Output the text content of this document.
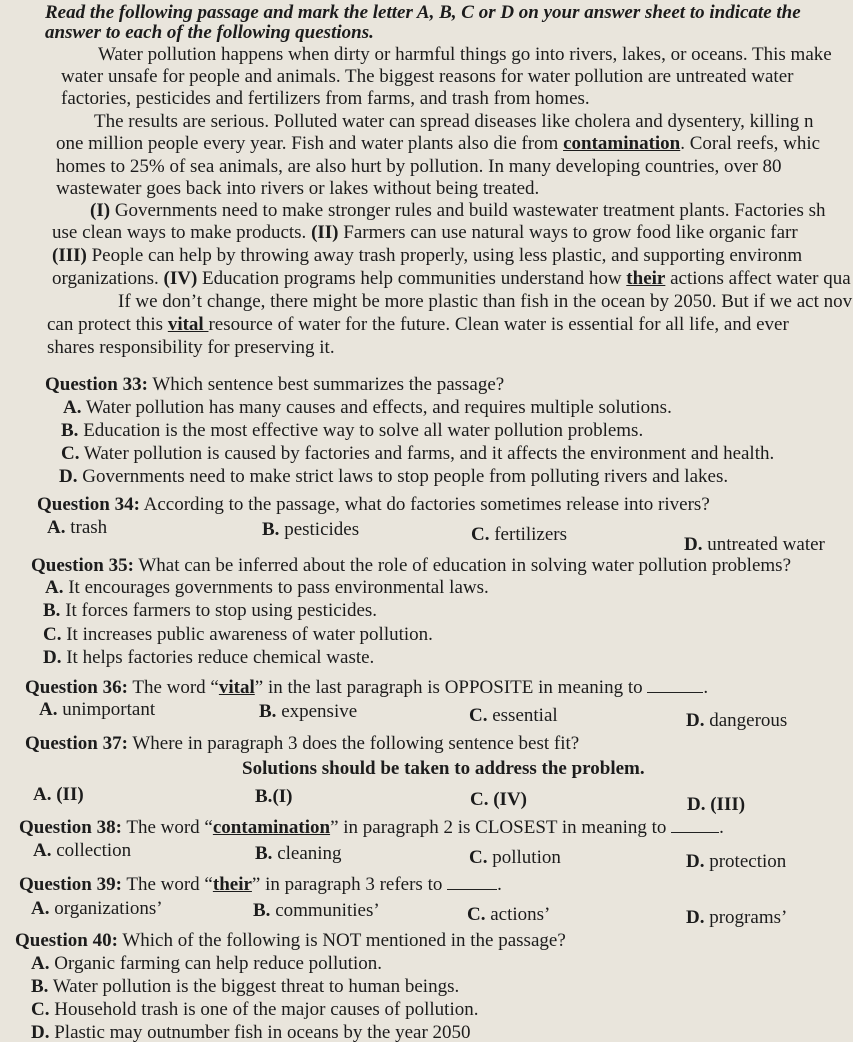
Read the following passage and mark the letter A, B, C or D on your answer sheet to indicate the
answer to each of the following questions.
Water pollution happens when dirty or harmful things go into rivers, lakes, or oceans. This make
water unsafe for people and animals. The biggest reasons for water pollution are untreated water
factories, pesticides and fertilizers from farms, and trash from homes.
The results are serious. Polluted water can spread diseases like cholera and dysentery, killing n
one million people every year. Fish and water plants also die from contamination. Coral reefs, whic
homes to 25% of sea animals, are also hurt by pollution. In many developing countries, over 80
wastewater goes back into rivers or lakes without being treated.
(I) Governments need to make stronger rules and build wastewater treatment plants. Factories sh
use clean ways to make products. (II) Farmers can use natural ways to grow food like organic farr
(III) People can help by throwing away trash properly, using less plastic, and supporting environm
organizations. (IV) Education programs help communities understand how their actions affect water qua
If we don’t change, there might be more plastic than fish in the ocean by 2050. But if we act nov
can protect this vital resource of water for the future. Clean water is essential for all life, and ever
shares responsibility for preserving it.
Question 33: Which sentence best summarizes the passage?
A. Water pollution has many causes and effects, and requires multiple solutions.
B. Education is the most effective way to solve all water pollution problems.
C. Water pollution is caused by factories and farms, and it affects the environment and health.
D. Governments need to make strict laws to stop people from polluting rivers and lakes.
Question 34: According to the passage, what do factories sometimes release into rivers?
A. trash	B. pesticides	C. fertilizers	D. untreated water
Question 35: What can be inferred about the role of education in solving water pollution problems?
A. It encourages governments to pass environmental laws.
B. It forces farmers to stop using pesticides.
C. It increases public awareness of water pollution.
D. It helps factories reduce chemical waste.
Question 36: The word “vital” in the last paragraph is OPPOSITE in meaning to	.
A. unimportant	B. expensive	C. essential	D. dangerous
Question 37: Where in paragraph 3 does the following sentence best fit?
Solutions should be taken to address the problem.
A. (II)	B.(I)	C. (IV)	D. (III)
Question 38: The word “contamination” in paragraph 2 is CLOSEST in meaning to	.
A. collection	B. cleaning	C. pollution	D. protection
Question 39: The word “their” in paragraph 3 refers to	.
A. organizations’	B. communities’	C. actions’	D. programs’
Question 40: Which of the following is NOT mentioned in the passage?
A. Organic farming can help reduce pollution.
B. Water pollution is the biggest threat to human beings.
C. Household trash is one of the major causes of pollution.
D. Plastic may outnumber fish in oceans by the year 2050
